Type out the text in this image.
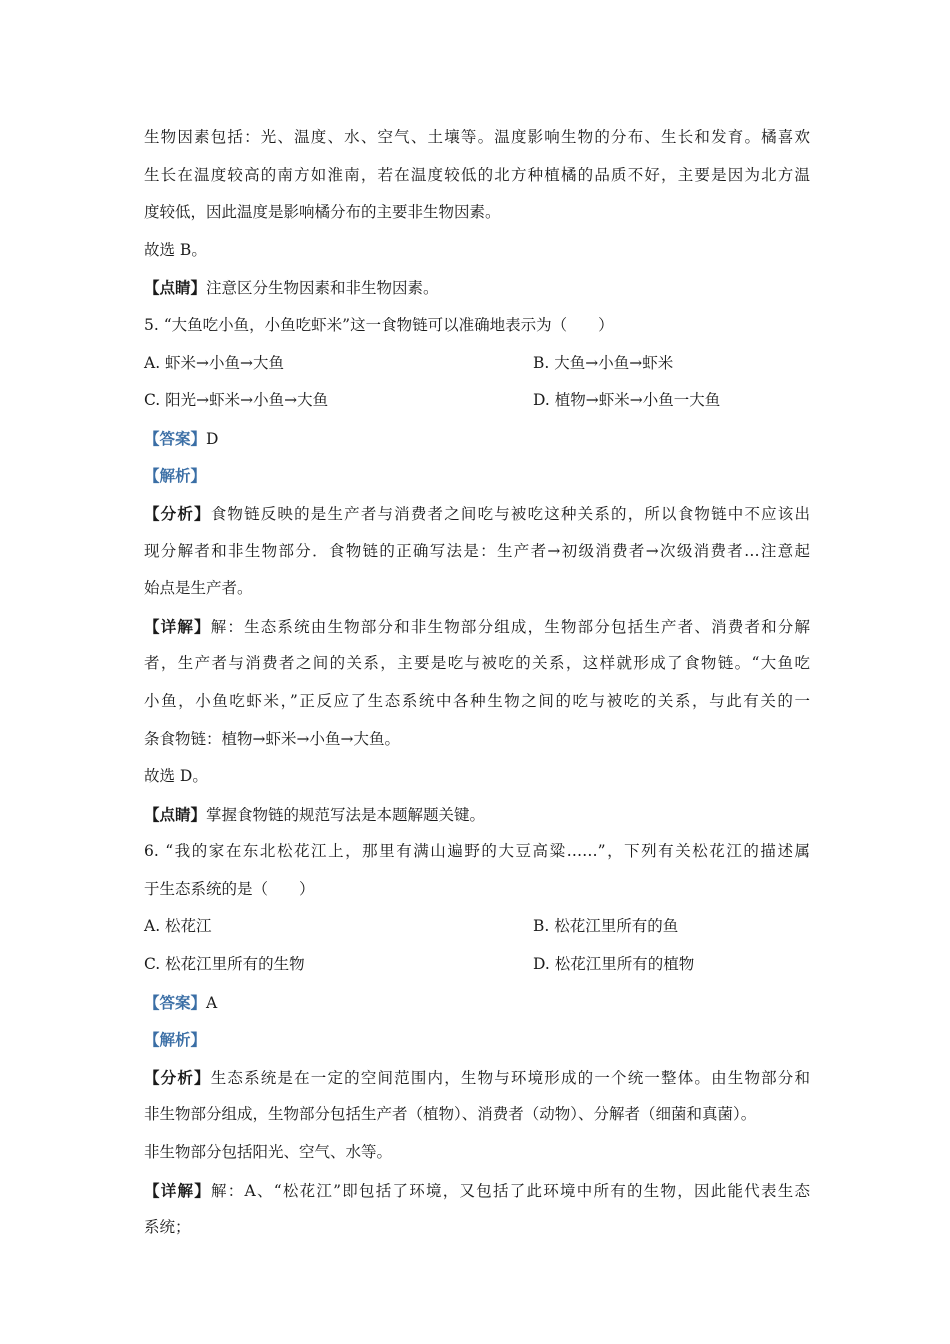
生物因素包括：光、温度、水、空气、土壤等。温度影响生物的分布、生长和发育。橘喜欢
生长在温度较高的南方如淮南，若在温度较低的北方种植橘的品质不好，主要是因为北方温
度较低，因此温度是影响橘分布的主要非生物因素。
故选 B。
【点睛】注意区分生物因素和非生物因素。
5. “大鱼吃小鱼，小鱼吃虾米”这一食物链可以准确地表示为（　　）
A. 虾米→小鱼→大鱼	B. 大鱼→小鱼→虾米
C. 阳光→虾米→小鱼→大鱼	D. 植物→虾米→小鱼一大鱼
【答案】D
【解析】
【分析】食物链反映的是生产者与消费者之间吃与被吃这种关系的，所以食物链中不应该出
现分解者和非生物部分．食物链的正确写法是：生产者→初级消费者→次级消费者…注意起
始点是生产者。
【详解】解：生态系统由生物部分和非生物部分组成，生物部分包括生产者、消费者和分解
者，生产者与消费者之间的关系，主要是吃与被吃的关系，这样就形成了食物链。“大鱼吃
小鱼，小鱼吃虾米，”正反应了生态系统中各种生物之间的吃与被吃的关系，与此有关的一
条食物链：植物→虾米→小鱼→大鱼。
故选 D。
【点睛】掌握食物链的规范写法是本题解题关键。
6. “我的家在东北松花江上，那里有满山遍野的大豆高粱……”，下列有关松花江的描述属
于生态系统的是（　　）
A. 松花江	B. 松花江里所有的鱼
C. 松花江里所有的生物	D. 松花江里所有的植物
【答案】A
【解析】
【分析】生态系统是在一定的空间范围内，生物与环境形成的一个统一整体。由生物部分和
非生物部分组成，生物部分包括生产者（植物）、消费者（动物）、分解者（细菌和真菌）。
非生物部分包括阳光、空气、水等。
【详解】解：A、“松花江”即包括了环境，又包括了此环境中所有的生物，因此能代表生态
系统；
